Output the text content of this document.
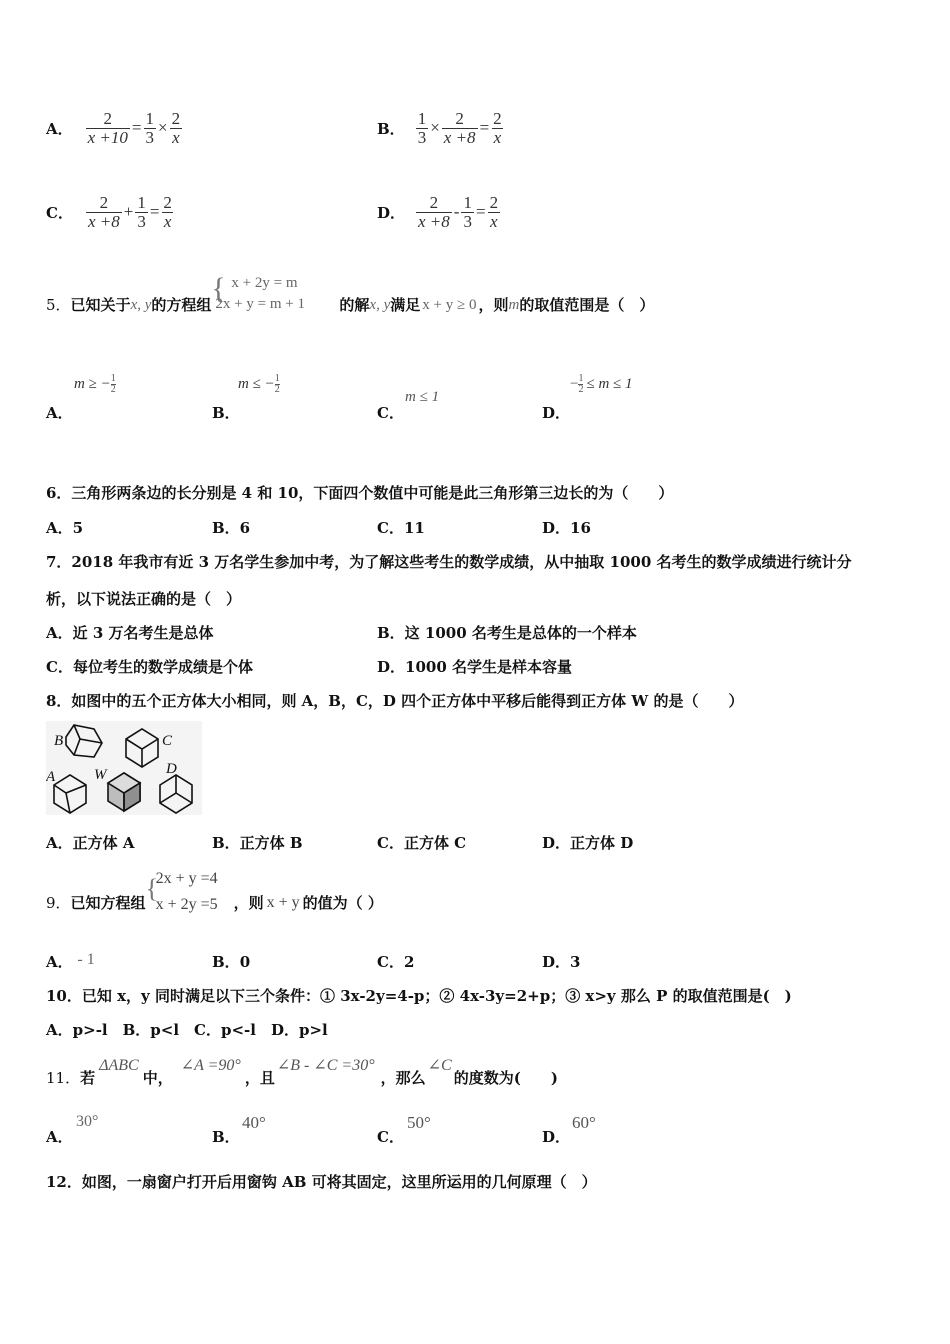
A． $\frac{2}{x +10} = \frac{1}{3} \times \frac{2}{x}$	B． $\frac{1}{3} \times \frac{2}{x +8} = \frac{2}{x}$
C． $\frac{2}{x +8} + \frac{1}{3} = \frac{2}{x}$	D． $\frac{2}{x +8} - \frac{1}{3} = \frac{2}{x}$
5． 已知关于 x, y 的方程组 { x + 2y = m
2x + y = m + 1 的解 x, y 满足 x + y ≥ 0 ，则 m 的取值范围是（　）
A．
m ≥ − $\frac{1}{2}$
B．
m ≤ − $\frac{1}{2}$
C．
m ≤ 1
D．
− $\frac{1}{2} \le m \le 1$
6．三角形两条边的长分别是 4 和 10，下面四个数值中可能是此三角形第三边长的为（　　）
A．5	B．6	C．11	D．16
7．2018 年我市有近 3 万名学生参加中考，为了解这些考生的数学成绩，从中抽取 1000 名考生的数学成绩进行统计分
析，以下说法正确的是（　）
A．近 3 万名考生是总体	B．这 1000 名考生是总体的一个样本
C．每位考生的数学成绩是个体	D．1000 名学生是样本容量
8．如图中的五个正方体大小相同，则 A，B，C，D 四个正方体中平移后能得到正方体 W 的是（　　）
B	C
A	W	D
A．正方体 A	B．正方体 B	C．正方体 C	D．正方体 D
9． 已知方程组 {
2x + y =4
x + 2y =5 ，则 x + y 的值为（ ）
A． - 1	B．0	C．2	D．3
10．已知 x，y 同时满足以下三个条件：① 3x-2y=4-p；② 4x-3y=2+p；③ x>y 那么 P 的取值范围是(　)
A．p>-l　B．p<l　C．p<-l　D．p>l
11． 若
ΔABC
中，
∠A =90°
，且
∠B - ∠C =30°
，那么
∠C
的度数为(　　)
A．
30°
B．
40°
C．
50°
D．
60°
12．如图，一扇窗户打开后用窗钩 AB 可将其固定，这里所运用的几何原理（　）
